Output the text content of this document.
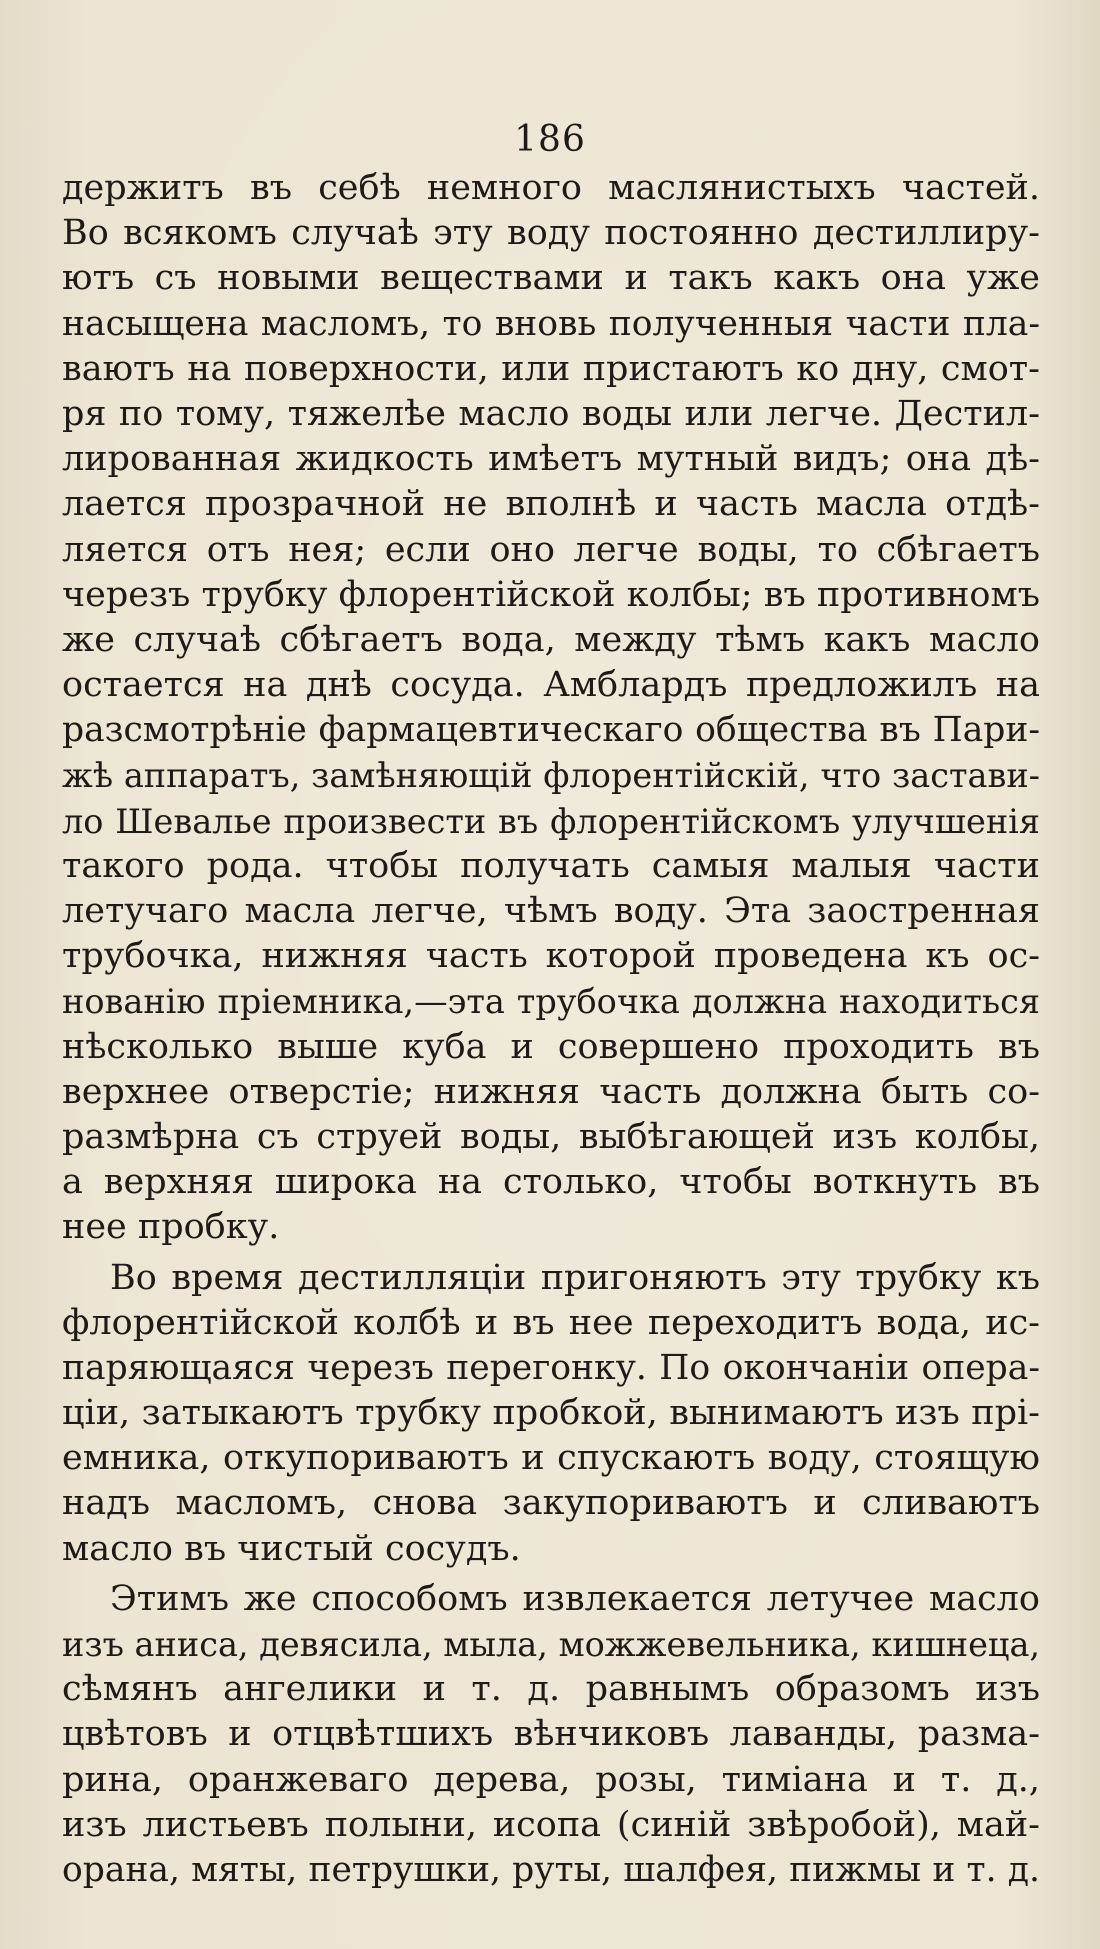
186
держитъ въ себѣ немного маслянистыхъ частей.
Во всякомъ случаѣ эту воду постоянно дестиллиру-
ютъ съ новыми веществами и такъ какъ она уже
насыщена масломъ, то вновь полученныя части пла-
ваютъ на поверхности, или пристаютъ ко дну, смот-
ря по тому, тяжелѣе масло воды или легче. Дестил-
лированная жидкость имѣетъ мутный видъ; она дѣ-
лается прозрачной не вполнѣ и часть масла отдѣ-
ляется отъ нея; если оно легче воды, то сбѣгаетъ
черезъ трубку флорентійской колбы; въ противномъ
же случаѣ сбѣгаетъ вода, между тѣмъ какъ масло
остается на днѣ сосуда. Амблардъ предложилъ на
разсмотрѣніе фармацевтическаго общества въ Пари-
жѣ аппаратъ, замѣняющій флорентійскій, что застави-
ло Шевалье произвести въ флорентійскомъ улучшенія
такого рода. чтобы получать самыя малыя части
летучаго масла легче, чѣмъ воду. Эта заостренная
трубочка, нижняя часть которой проведена къ ос-
нованію пріемника,—эта трубочка должна находиться
нѣсколько выше куба и совершено проходить въ
верхнее отверстіе; нижняя часть должна быть со-
размѣрна съ струей воды, выбѣгающей изъ колбы,
а верхняя широка на столько, чтобы воткнуть въ
нее пробку.
Во время дестилляціи пригоняютъ эту трубку къ
флорентійской колбѣ и въ нее переходитъ вода, ис-
паряющаяся черезъ перегонку. По окончаніи опера-
ціи, затыкаютъ трубку пробкой, вынимаютъ изъ прі-
емника, откупориваютъ и спускаютъ воду, стоящую
надъ масломъ, снова закупориваютъ и сливаютъ
масло въ чистый сосудъ.
Этимъ же способомъ извлекается летучее масло
изъ аниса, девясила, мыла, можжевельника, кишнеца,
сѣмянъ ангелики и т. д. равнымъ образомъ изъ
цвѣтовъ и отцвѣтшихъ вѣнчиковъ лаванды, разма-
рина, оранжеваго дерева, розы, тиміана и т. д.,
изъ листьевъ полыни, исопа (синій звѣробой), май-
орана, мяты, петрушки, руты, шалфея, пижмы и т. д.
